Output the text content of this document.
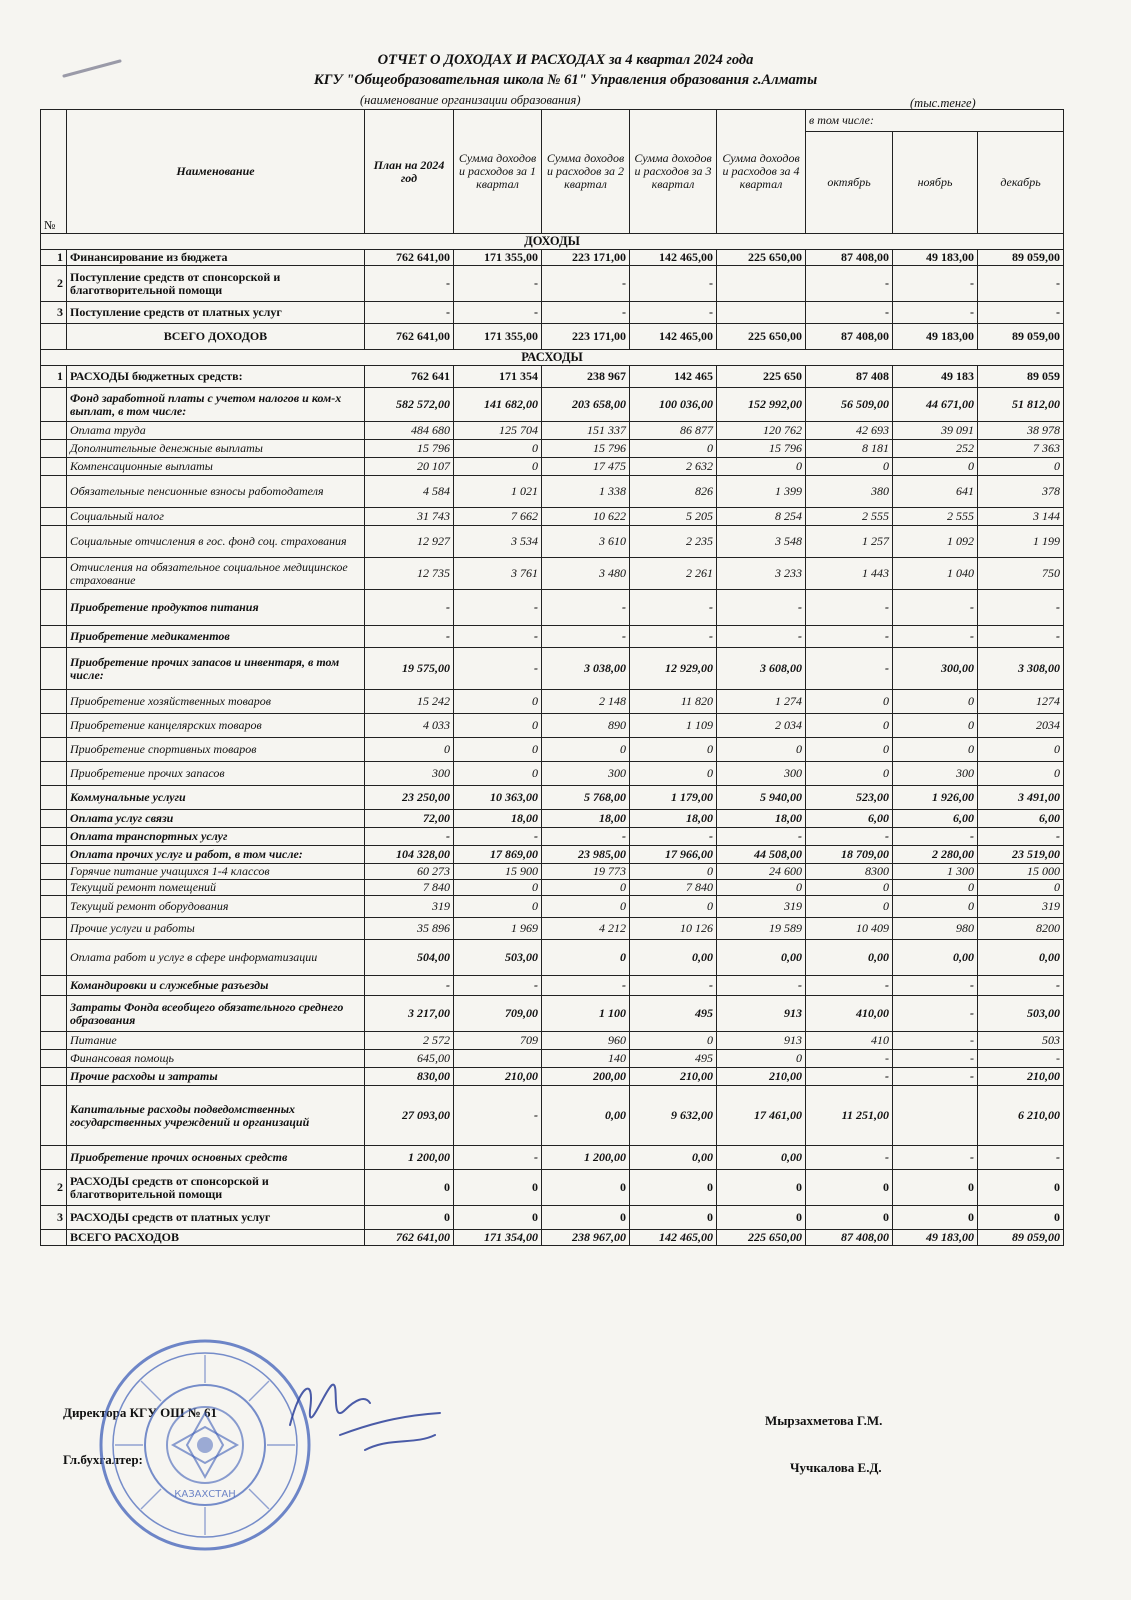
ОТЧЕТ О ДОХОДАХ И РАСХОДАХ за 4 квартал 2024 года
КГУ "Общеобразовательная школа № 61" Управления образования г.Алматы
(наименование организации образования)	(тыс.тенге)
№	Наименование	План на 2024 год	Сумма доходов и расходов за 1 квартал	Сумма доходов и расходов за 2 квартал	Сумма доходов и расходов за 3 квартал	Сумма доходов и расходов за 4 квартал	в том числе:		
							октябрь	ноябрь	декабрь
ДОХОДЫ									
1	Финансирование из бюджета	762 641,00	171 355,00	223 171,00	142 465,00	225 650,00	87 408,00	49 183,00	89 059,00
2	Поступление средств от спонсорской и благотворительной помощи	-	-	-	-		-	-	-
3	Поступление средств от платных услуг	-	-	-	-		-	-	-
	ВСЕГО ДОХОДОВ	762 641,00	171 355,00	223 171,00	142 465,00	225 650,00	87 408,00	49 183,00	89 059,00
РАСХОДЫ									
1	РАСХОДЫ бюджетных средств:	762 641	171 354	238 967	142 465	225 650	87 408	49 183	89 059
	Фонд заработной платы с учетом налогов и ком-х выплат, в том числе:	582 572,00	141 682,00	203 658,00	100 036,00	152 992,00	56 509,00	44 671,00	51 812,00
	Оплата труда	484 680	125 704	151 337	86 877	120 762	42 693	39 091	38 978
	Дополнительные денежные выплаты	15 796	0	15 796	0	15 796	8 181	252	7 363
	Компенсационные выплаты	20 107	0	17 475	2 632	0	0	0	0
	Обязательные пенсионные взносы работодателя	4 584	1 021	1 338	826	1 399	380	641	378
	Социальный налог	31 743	7 662	10 622	5 205	8 254	2 555	2 555	3 144
	Социальные отчисления в гос. фонд соц. страхования	12 927	3 534	3 610	2 235	3 548	1 257	1 092	1 199
	Отчисления на обязательное социальное медицинское страхование	12 735	3 761	3 480	2 261	3 233	1 443	1 040	750
	Приобретение продуктов питания	-	-	-	-	-	-	-	-
	Приобретение медикаментов	-	-	-	-	-	-	-	-
	Приобретение прочих запасов и инвентаря, в том числе:	19 575,00	-	3 038,00	12 929,00	3 608,00	-	300,00	3 308,00
	Приобретение хозяйственных товаров	15 242	0	2 148	11 820	1 274	0	0	1274
	Приобретение канцелярских товаров	4 033	0	890	1 109	2 034	0	0	2034
	Приобретение спортивных товаров	0	0	0	0	0	0	0	0
	Приобретение прочих запасов	300	0	300	0	300	0	300	0
	Коммунальные услуги	23 250,00	10 363,00	5 768,00	1 179,00	5 940,00	523,00	1 926,00	3 491,00
	Оплата услуг связи	72,00	18,00	18,00	18,00	18,00	6,00	6,00	6,00
	Оплата транспортных услуг	-	-	-	-	-	-	-	-
	Оплата прочих услуг и работ, в том числе:	104 328,00	17 869,00	23 985,00	17 966,00	44 508,00	18 709,00	2 280,00	23 519,00
	Горячие питание учащихся 1-4 классов	60 273	15 900	19 773	0	24 600	8300	1 300	15 000
	Текущий ремонт помещений	7 840	0	0	7 840	0	0	0	0
	Текущий ремонт оборудования	319	0	0	0	319	0	0	319
	Прочие услуги и работы	35 896	1 969	4 212	10 126	19 589	10 409	980	8200
	Оплата работ и услуг в сфере информатизации	504,00	503,00	0	0,00	0,00	0,00	0,00	0,00
	Командировки и служебные разъезды	-	-	-	-	-	-	-	-
	Затраты Фонда всеобщего обязательного среднего образования	3 217,00	709,00	1 100	495	913	410,00	-	503,00
	Питание	2 572	709	960	0	913	410	-	503
	Финансовая помощь	645,00		140	495	0	-	-	-
	Прочие расходы и затраты	830,00	210,00	200,00	210,00	210,00	-	-	210,00
	Капитальные расходы подведомственных государственных учреждений и организаций	27 093,00	-	0,00	9 632,00	17 461,00	11 251,00		6 210,00
	Приобретение прочих основных средств	1 200,00	-	1 200,00	0,00	0,00	-	-	-
2	РАСХОДЫ средств от спонсорской и благотворительной помощи	0	0	0	0	0	0	0	0
3	РАСХОДЫ средств от платных услуг	0	0	0	0	0	0	0	0
	ВСЕГО РАСХОДОВ	762 641,00	171 354,00	238 967,00	142 465,00	225 650,00	87 408,00	49 183,00	89 059,00
Директора КГУ ОШ № 61
Мырзахметова Г.М.
Гл.бухгалтер:
Чучкалова Е.Д.
КАЗАХСТАН
